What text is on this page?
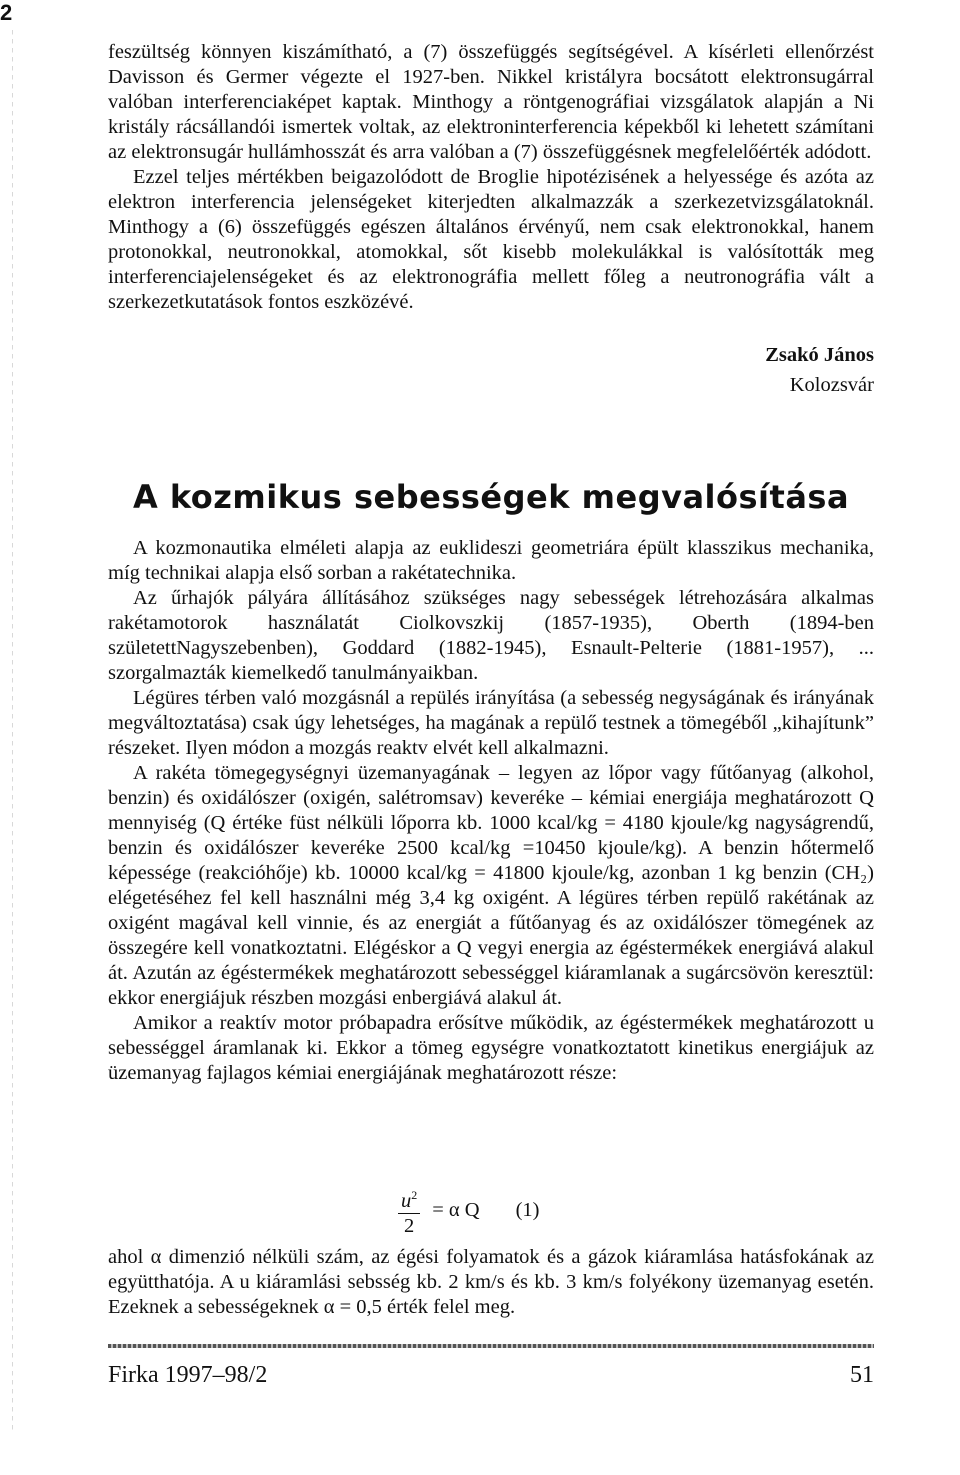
2

feszültség könnyen kiszámítható, a (7) összefüggés segítségével. A kísérleti ellenőrzést Davisson és Germer végezte el 1927-ben. Nikkel kristályra bocsátott elektronsugárral valóban interferenciaképet kaptak. Minthogy a röntgenográfiai vizsgálatok alapján a Ni kristály rácsállandói ismertek voltak, az elektroninterferencia képekből ki lehetett számítani az elektronsugár hullámhosszát és arra valóban a (7) összefüggésnek megfelelőérték adódott.

Ezzel teljes mértékben beigazolódott de Broglie hipotézisének a helyessége és azóta az elektron interferencia jelenségeket kiterjedten alkalmazzák a szerkezetvizsgálatoknál. Minthogy a (6) összefüggés egészen általános érvényű, nem csak elektronokkal, hanem protonokkal, neutronokkal, atomokkal, sőt kisebb molekulákkal is valósították meg interferenciajelenségeket és az elektronográfia mellett főleg a neutronográfia vált a szerkezetkutatások fontos eszközévé.

Zsakó János
Kolozsvár
A kozmikus sebességek megvalósítása

A kozmonautika elméleti alapja az euklideszi geometriára épült klasszikus mechanika, míg technikai alapja első sorban a rakétatechnika.

Az űrhajók pályára állításához szükséges nagy sebességek létrehozására alkalmas rakétamotorok használatát Ciolkovszkij (1857-1935), Oberth (1894-ben születettNagyszebenben), Goddard (1882-1945), Esnault-Pelterie (1881-1957), ... szorgalmazták kiemelkedő tanulmányaikban.

Légüres térben való mozgásnál a repülés irányítása (a sebesség negyságának és irányának megváltoztatása) csak úgy lehetséges, ha magának a repülő testnek a tömegéből „kihajítunk” részeket. Ilyen módon a mozgás reaktv elvét kell alkalmazni.

A rakéta tömegegységnyi üzemanyagának – legyen az lőpor vagy fűtőanyag (alkohol, benzin) és oxidálószer (oxigén, salétromsav) keveréke – kémiai energiája meghatározott Q mennyiség (Q értéke füst nélküli lőporra kb. 1000 kcal/kg = 4180 kjoule/kg nagyságrendű, benzin és oxidálószer keveréke 2500 kcal/kg =10450 kjoule/kg). A benzin hőtermelő képessége (reakcióhője) kb. 10000 kcal/kg = 41800 kjoule/kg, azonban 1 kg benzin (CH₂) elégetéséhez fel kell használni még 3,4 kg oxigént. A légüres térben repülő rakétának az oxigént magával kell vinnie, és az energiát a fűtőanyag és az oxidálószer tömegének az összegére kell vonatkoztatni. Elégéskor a Q vegyi energia az égéstermékek energiává alakul át. Azután az égéstermékek meghatározott sebességgel kiáramlanak a sugárcsövön keresztül: ekkor energiájuk részben mozgási enbergiává alakul át.

Amikor a reaktív motor próbapadra erősítve működik, az égéstermékek meghatározott u sebességgel áramlanak ki. Ekkor a tömeg egységre vonatkoztatott kinetikus energiájuk az üzemanyag fajlagos kémiai energiájának meghatározott része:

$\frac{u^2}{2} = \alpha$ Q (1)

ahol α dimenzió nélküli szám, az égési folyamatok és a gázok kiáramlása hatásfokának az együtthatója. A u kiáramlási sebsség kb. 2 km/s és kb. 3 km/s folyékony üzemanyag esetén. Ezeknek a sebességeknek α = 0,5 érték felel meg.

Firka 1997–98/2	51
